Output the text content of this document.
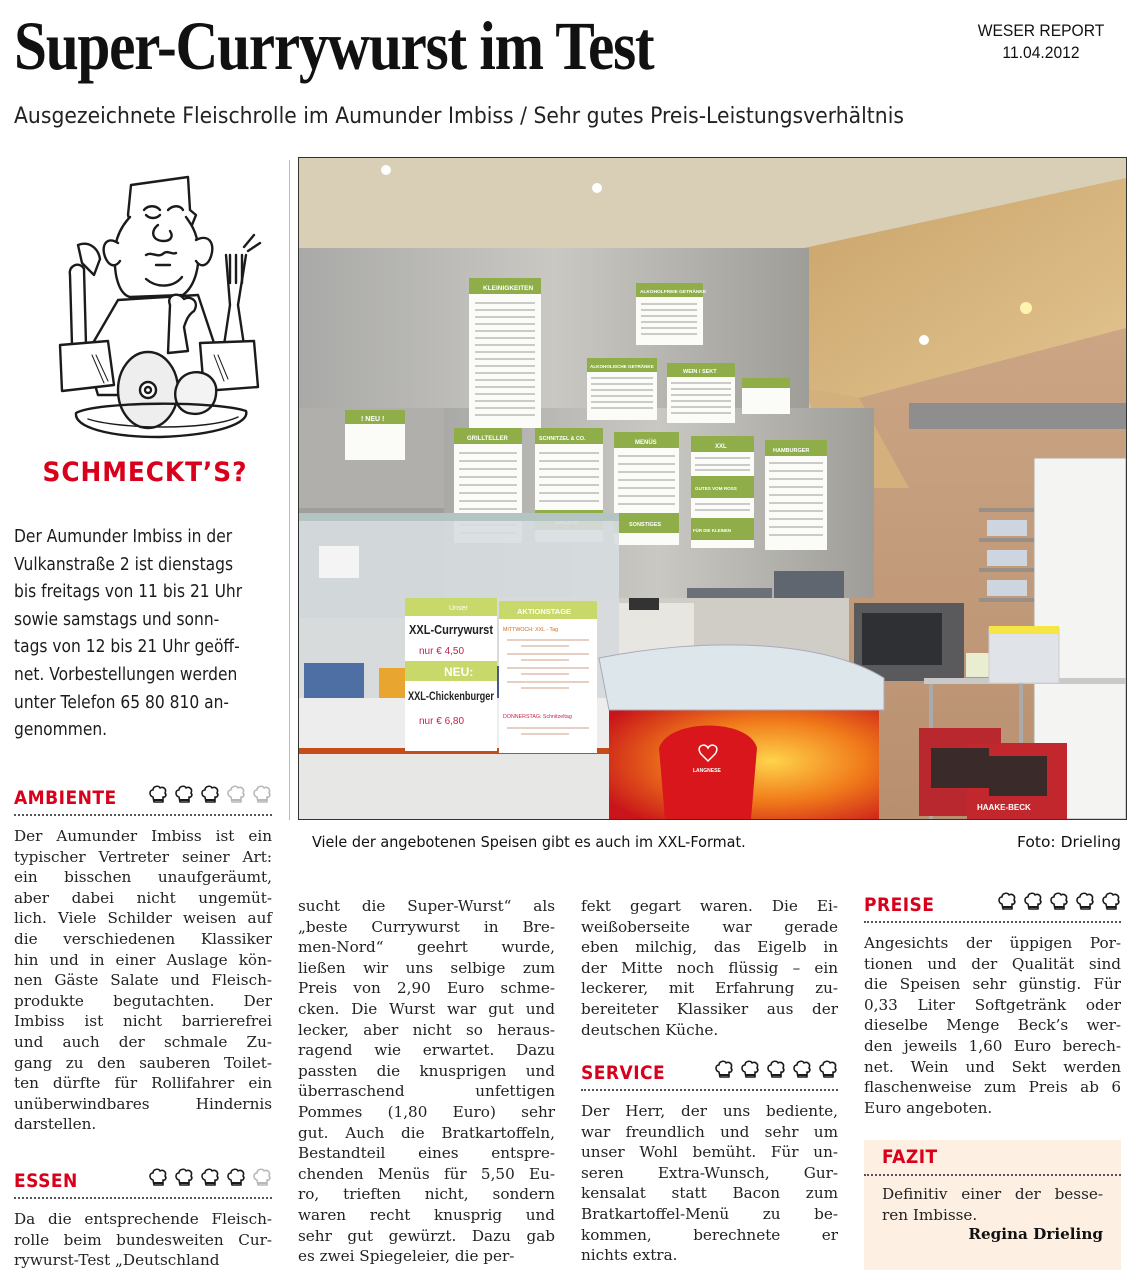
Super-Currywurst im Test	WESER REPORT
11.04.2012
Ausgezeichnete Fleischrolle im Aumunder Imbiss / Sehr gutes Preis-Leistungsverhältnis
SCHMECKT’S?
Der Aumunder Imbiss in der
Vulkanstraße 2 ist dienstags
bis freitags von 11 bis 21 Uhr
sowie samstags und sonn-
tags von 12 bis 21 Uhr geöff-
net. Vorbestellungen werden
unter Telefon 65 80 810 an-
genommen.
KLEINIGKEITEN
ALKOHOLFREIE GETRÄNKE
ALKOHOLISCHE GETRÄNKE
WEIN / SEKT
! NEU !
GRILLTELLER	SCHNITZEL & CO.
MENÜS
SONSTIGES
XXL
GUTES VOM ROSS
FÜR DIE KLEINEN
HAMBURGER
Unser
XXL-Currywurst
nur € 4,50
NEU:
XXL-Chickenburger
nur € 6,80
AKTIONSTAGE
MITTWOCH: XXL - Tag
DONNERSTAG: Schnitzeltag
LANGNESE
HAAKE-BECK
Viele der angebotenen Speisen gibt es auch im XXL-Format.	Foto: Drieling
AMBIENTE
Der Aumunder Imbiss ist ein
typischer Vertreter seiner Art:
ein bisschen unaufgeräumt,
aber dabei nicht ungemüt-
lich. Viele Schilder weisen auf
die verschiedenen Klassiker
hin und in einer Auslage kön-
nen Gäste Salate und Fleisch-
produkte begutachten. Der
Imbiss ist nicht barrierefrei
und auch der schmale Zu-
gang zu den sauberen Toilet-
ten dürfte für Rollifahrer ein
unüberwindbares Hindernis
darstellen.
ESSEN
Da die entsprechende Fleisch-
rolle beim bundesweiten Cur-
rywurst-Test „Deutschland
sucht die Super-Wurst“ als
„beste Currywurst in Bre-
men-Nord“ geehrt wurde,
ließen wir uns selbige zum
Preis von 2,90 Euro schme-
cken. Die Wurst war gut und
lecker, aber nicht so heraus-
ragend wie erwartet. Dazu
passten die knusprigen und
überraschend unfettigen
Pommes (1,80 Euro) sehr
gut. Auch die Bratkartoffeln,
Bestandteil eines entspre-
chenden Menüs für 5,50 Eu-
ro, trieften nicht, sondern
waren recht knusprig und
sehr gut gewürzt. Dazu gab
es zwei Spiegeleier, die per-
fekt gegart waren. Die Ei-
weißoberseite war gerade
eben milchig, das Eigelb in
der Mitte noch flüssig – ein
leckerer, mit Erfahrung zu-
bereiteter Klassiker aus der
deutschen Küche.
SERVICE
Der Herr, der uns bediente,
war freundlich und sehr um
unser Wohl bemüht. Für un-
seren Extra-Wunsch, Gur-
kensalat statt Bacon zum
Bratkartoffel-Menü zu be-
kommen, berechnete er
nichts extra.
PREISE
Angesichts der üppigen Por-
tionen und der Qualität sind
die Speisen sehr günstig. Für
0,33 Liter Softgetränk oder
dieselbe Menge Beck’s wer-
den jeweils 1,60 Euro berech-
net. Wein und Sekt werden
flaschenweise zum Preis ab 6
Euro angeboten.
FAZIT
Definitiv einer der besse-
ren Imbisse.
Regina Drieling
